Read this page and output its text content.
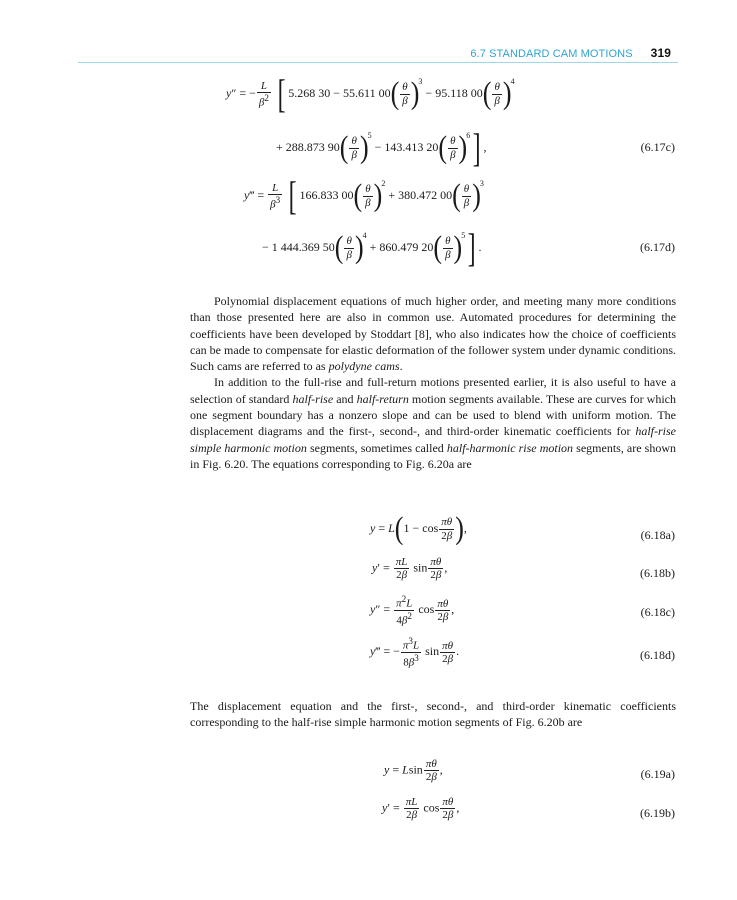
6.7 STANDARD CAM MOTIONS 319
y″ = − $\frac{L}{\beta^2}$ [ 5.268 30 − 55.611 $00( \frac{\theta}{\beta} )^3 - 95.118$ $00( \frac{\theta}{\beta} )^4$
+ 288.873 $90( \frac{\theta}{\beta} )^5 - 143.413$ $20( \frac{\theta}{\beta} )^6$] ,	(6.17c)
y‴ = $\frac{L}{\beta^3}$ [ 166.833 $00( \frac{\theta}{\beta} )^2 + 380.472$ $00( \frac{\theta}{\beta} )^3$
− 1 444.369 $50( \frac{\theta}{\beta} )^4 + 860.479$ $20( \frac{\theta}{\beta} )^5$] .	(6.17d)

Polynomial displacement equations of much higher order, and meeting many more conditions than those presented here are also in common use. Automated procedures for determining the coefficients have been developed by Stoddart [8], who also indicates how the choice of coefficients can be made to compensate for elastic deformation of the follower system under dynamic conditions. Such cams are referred to as polydyne cams.

In addition to the full-rise and full-return motions presented earlier, it is also useful to have a selection of standard half-rise and half-return motion segments available. These are curves for which one segment boundary has a nonzero slope and can be used to blend with uniform motion. The displacement diagrams and the first-, second-, and third-order kinematic coefficients for half-rise simple harmonic motion segments, sometimes called half-harmonic rise motion segments, are shown in Fig. 6.20. The equations corresponding to Fig. 6.20a are

$y = L(1 - \cos \frac{\pi\theta}{2\beta}$ ),
(6.18a)
$y' = \frac{\pi L}{2\beta}$ $\sin \frac{\pi\theta}{2\beta}$ ,	(6.18b)
$y'' = \frac{\pi^2L}{4\beta^2}$ $\cos \frac{\pi\theta}{2\beta}$ ,	(6.18c)
y‴ = − $\frac{\pi^3L}{8\beta^3}$ $\sin \frac{\pi\theta}{2\beta}$ .	(6.18d)

The displacement equation and the first-, second-, and third-order kinematic coefficients corresponding to the half-rise simple harmonic motion segments of Fig. 6.20b are

y = Lsin $\frac{\pi\theta}{2\beta}$ ,	(6.19a)
$y' = \frac{\pi L}{2\beta}$ $\cos \frac{\pi\theta}{2\beta}$ ,	(6.19b)
